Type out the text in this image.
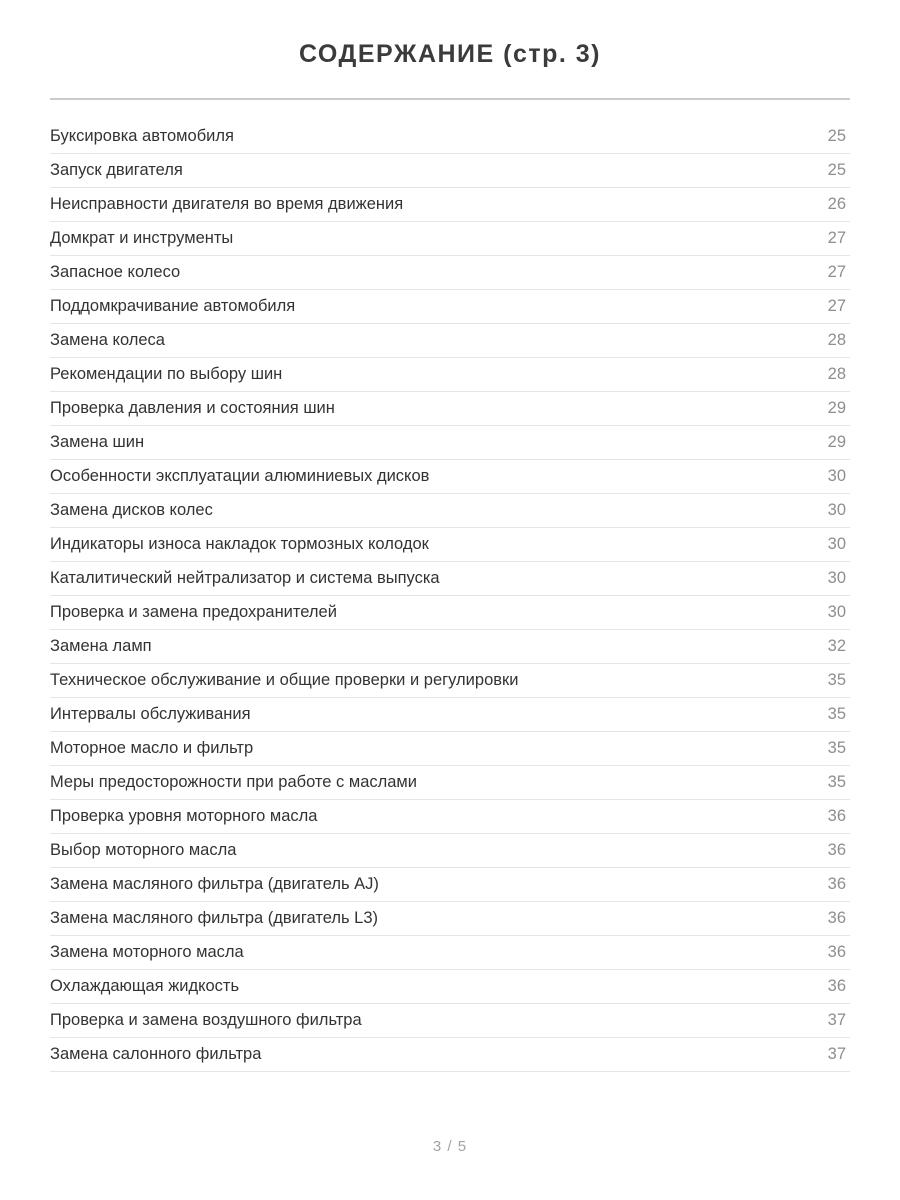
СОДЕРЖАНИЕ (стр. 3)
Буксировка автомобиля	25
Запуск двигателя	25
Неисправности двигателя во время движения	26
Домкрат и инструменты	27
Запасное колесо	27
Поддомкрачивание автомобиля	27
Замена колеса	28
Рекомендации по выбору шин	28
Проверка давления и состояния шин	29
Замена шин	29
Особенности эксплуатации алюминиевых дисков	30
Замена дисков колес	30
Индикаторы износа накладок тормозных колодок	30
Каталитический нейтрализатор и система выпуска	30
Проверка и замена предохранителей	30
Замена ламп	32
Техническое обслуживание и общие проверки и регулировки	35
Интервалы обслуживания	35
Моторное масло и фильтр	35
Меры предосторожности при работе с маслами	35
Проверка уровня моторного масла	36
Выбор моторного масла	36
Замена масляного фильтра (двигатель AJ)	36
Замена масляного фильтра (двигатель L3)	36
Замена моторного масла	36
Охлаждающая жидкость	36
Проверка и замена воздушного фильтра	37
Замена салонного фильтра	37
3 / 5
